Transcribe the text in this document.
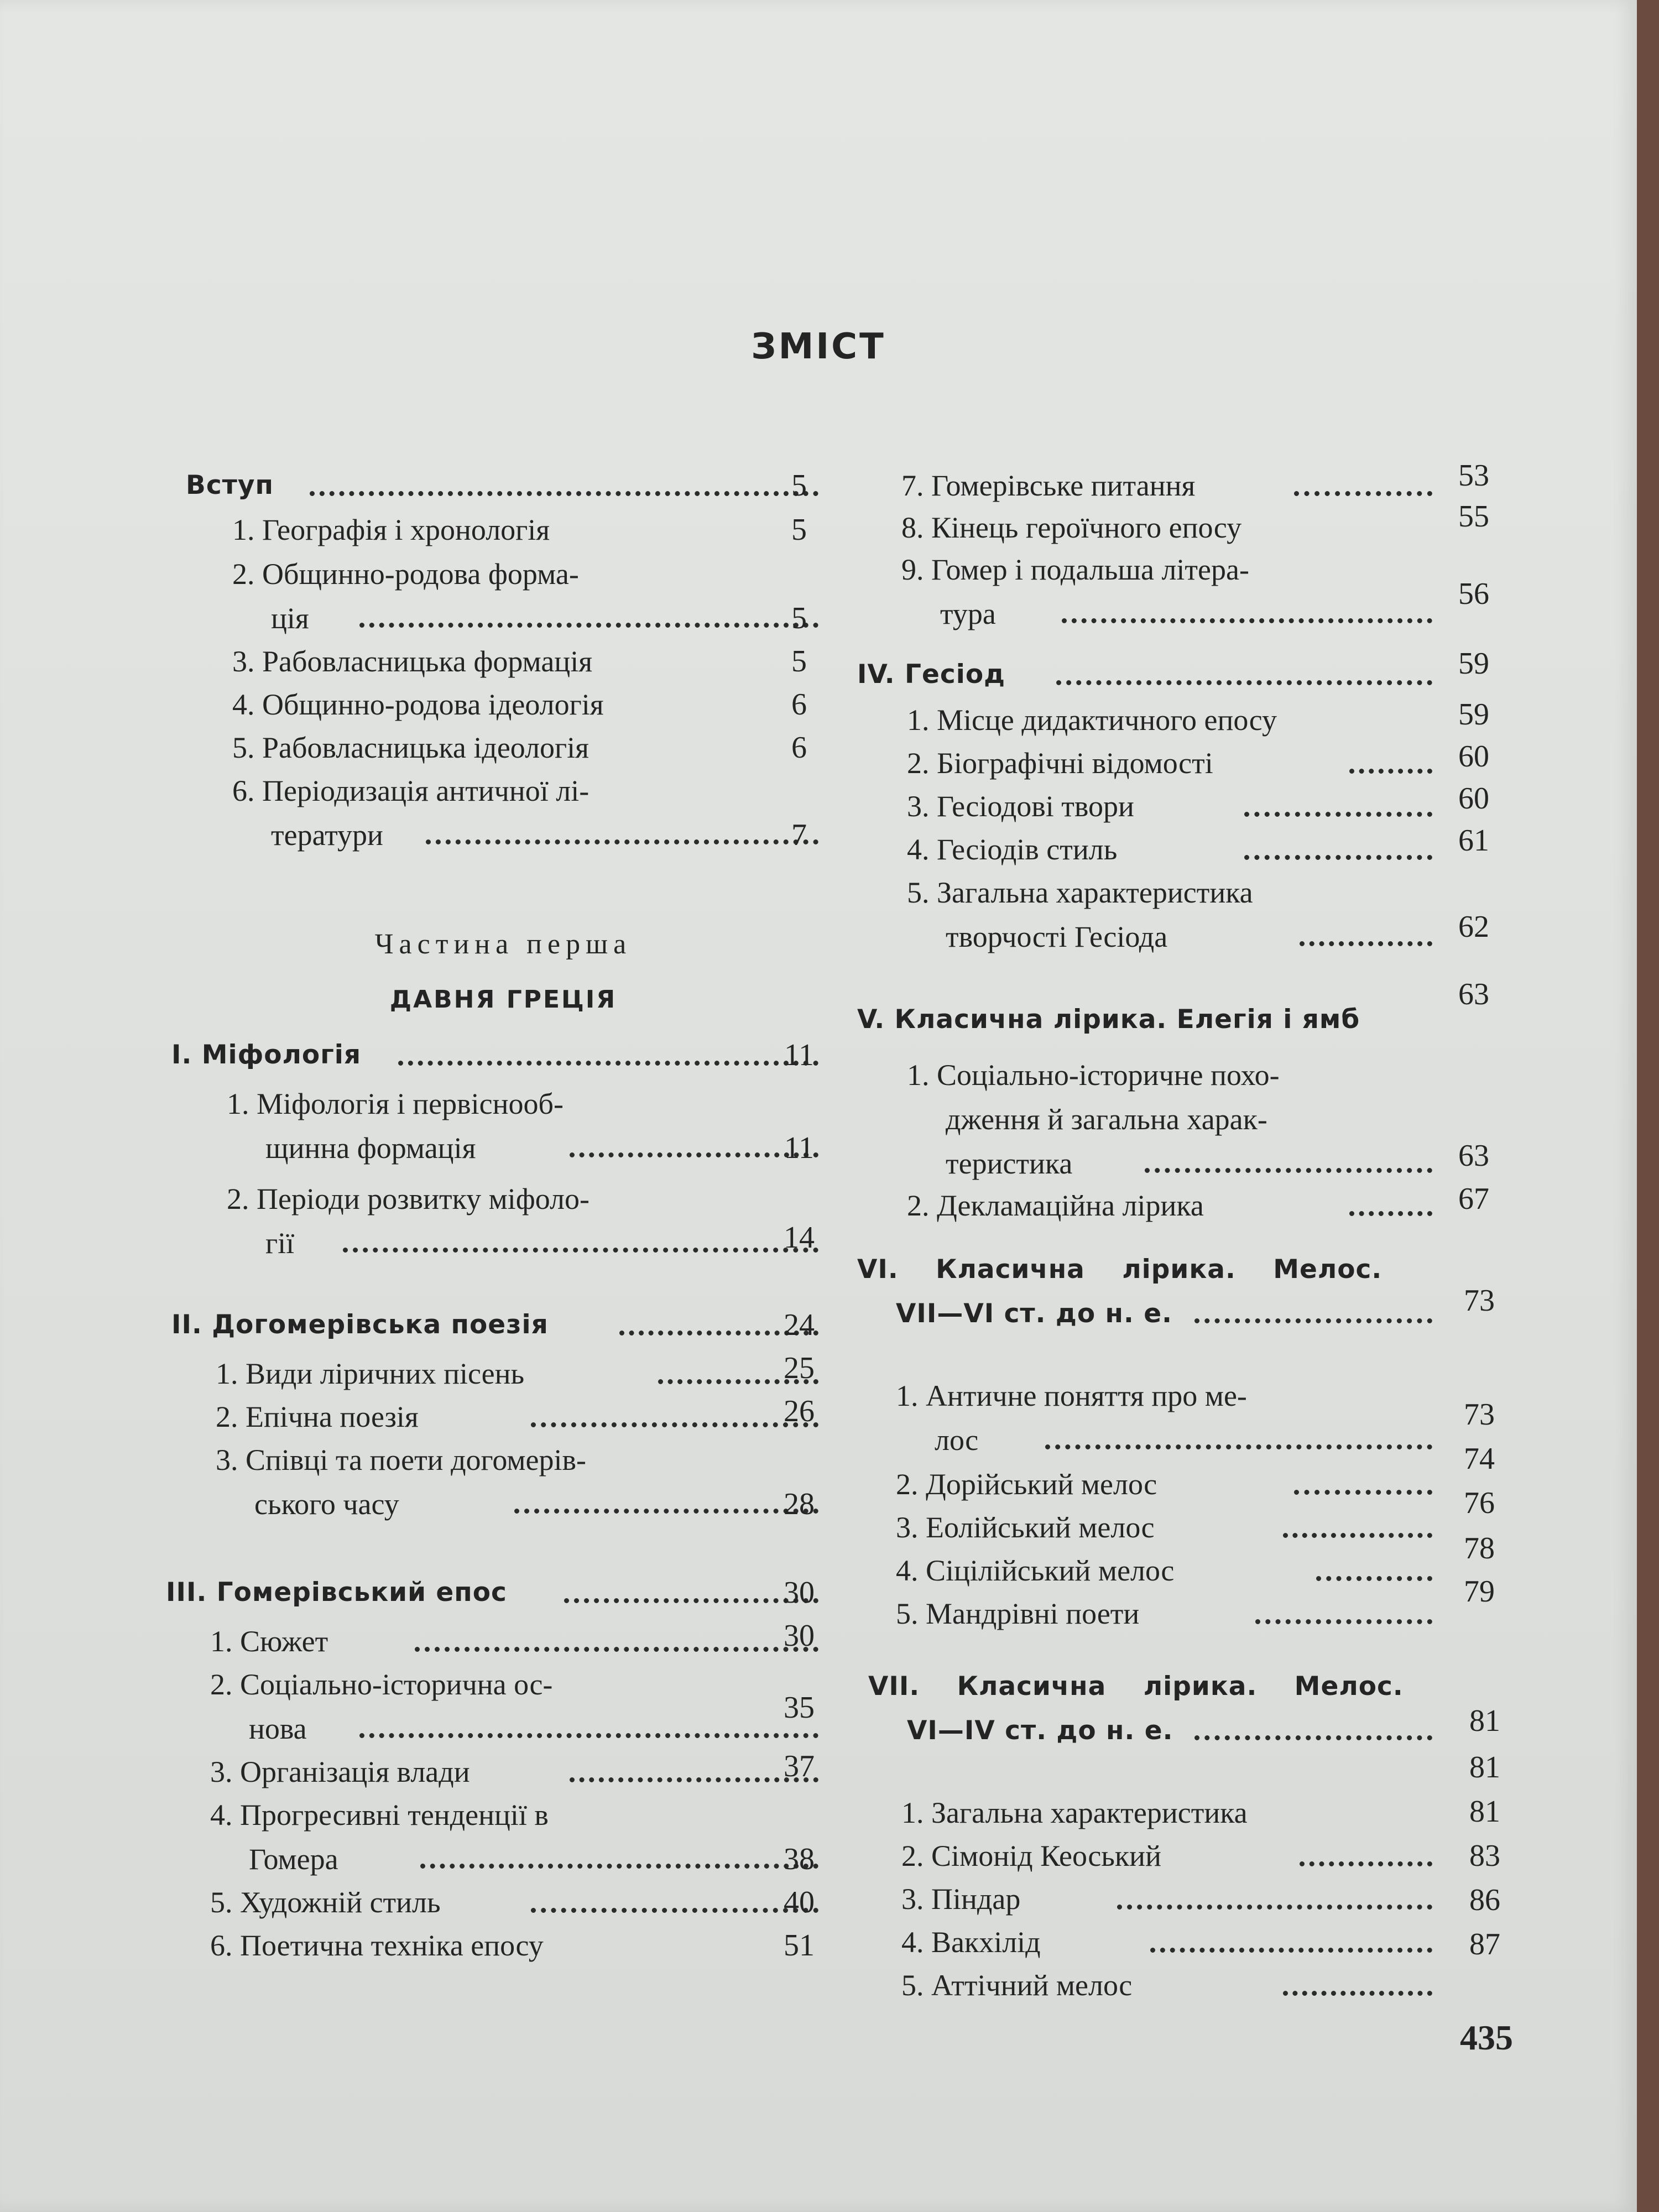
ЗМІСТ
Вступ
1. Географія і хронологія
2. Общинно-родова форма-
ція
3. Рабовласницька формація
4. Общинно-родова ідеологія
5. Рабовласницька ідеологія
6. Періодизація античної лі-
тератури
Частина перша
ДАВНЯ ГРЕЦІЯ
І. Міфологія
1. Міфологія і первіснооб-
щинна формація
2. Періоди розвитку міфоло-
гії
II. Догомерівська поезія
1. Види ліричних пісень
2. Епічна поезія
3. Співці та поети догомерів-
ського часу
III. Гомерівський епос
1. Сюжет
2. Соціально-історична ос-
нова
3. Організація влади
4. Прогресивні тенденції в
Гомера
5. Художній стиль
6. Поетична техніка епосу
5
5
5
5
6
6
7
11
11
14
24
25
26
28
30
30
35
37
38
40
51
7. Гомерівське питання
8. Кінець героїчного епосу
9. Гомер і подальша літера-
тура
IV. Гесіод
1. Місце дидактичного епосу
2. Біографічні відомості
3. Гесіодові твори
4. Гесіодів стиль
5. Загальна характеристика
творчості Гесіода
V. Класична лірика. Елегія і ямб
1. Соціально-історичне похо-
дження й загальна харак-
теристика
2. Декламаційна лірика
VI. Класична лірика. Мелос.
VII—VI ст. до н. е.
1. Античне поняття про ме-
лос
2. Дорійський мелос
3. Еолійський мелос
4. Сіцілійський мелос
5. Мандрівні поети
VII. Класична лірика. Мелос.
VI—IV ст. до н. е.
1. Загальна характеристика
2. Сімонід Кеоський
3. Піндар
4. Вакхілід
5. Аттічний мелос
53
55
56
59
59
60
60
61
62
63
63
67
73
73
74
76
78
79
81
81
81
83
86
87
435
